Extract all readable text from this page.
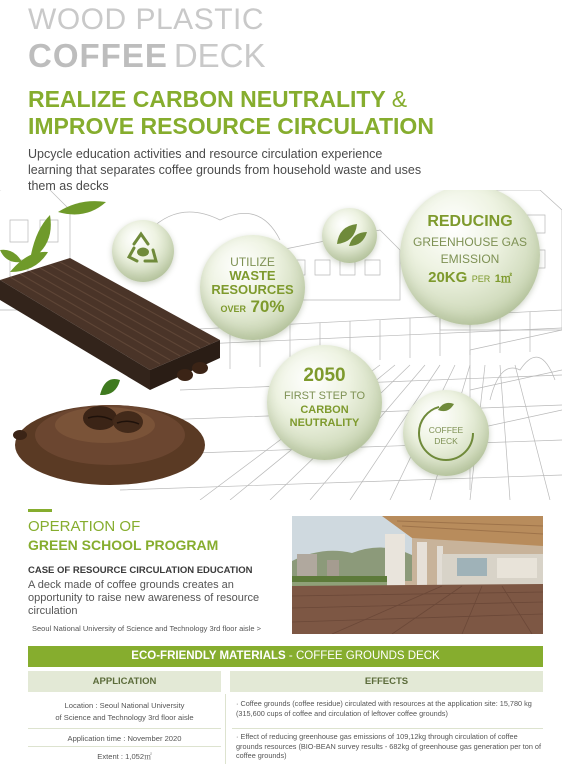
WOOD PLASTIC
COFFEE DECK
REALIZE CARBON NEUTRALITY &
IMPROVE RESOURCE CIRCULATION
Upcycle education activities and resource circulation experience learning that separates coffee grounds from household waste and uses them as decks
UTILIZE
WASTE
RESOURCES
OVER 70%
REDUCING
GREENHOUSE GAS
EMISSION
20KG PER 1㎡
2050
FIRST STEP TO
CARBON
NEUTRALITY
COFFEE
DECK
OPERATION OF
GREEN SCHOOL PROGRAM
CASE OF RESOURCE CIRCULATION EDUCATION
A deck made of coffee grounds creates an opportunity to raise new awareness of resource circulation
Seoul National University of Science and Technology 3rd floor aisle >
ECO-FRIENDLY MATERIALS - COFFEE GROUNDS DECK
APPLICATION	EFFECTS
Location : Seoul National University
of Science and Technology 3rd floor aisle
Application time : November 2020
Extent : 1,052㎡
· Coffee grounds (coffee residue) circulated with resources at the application site: 15,780 kg (315,600 cups of coffee and circulation of leftover coffee grounds)
· Effect of reducing greenhouse gas emissions of 109,12kg through circulation of coffee grounds resources (BIO-BEAN survey results - 682kg of greenhouse gas generation per ton of coffee grounds)
